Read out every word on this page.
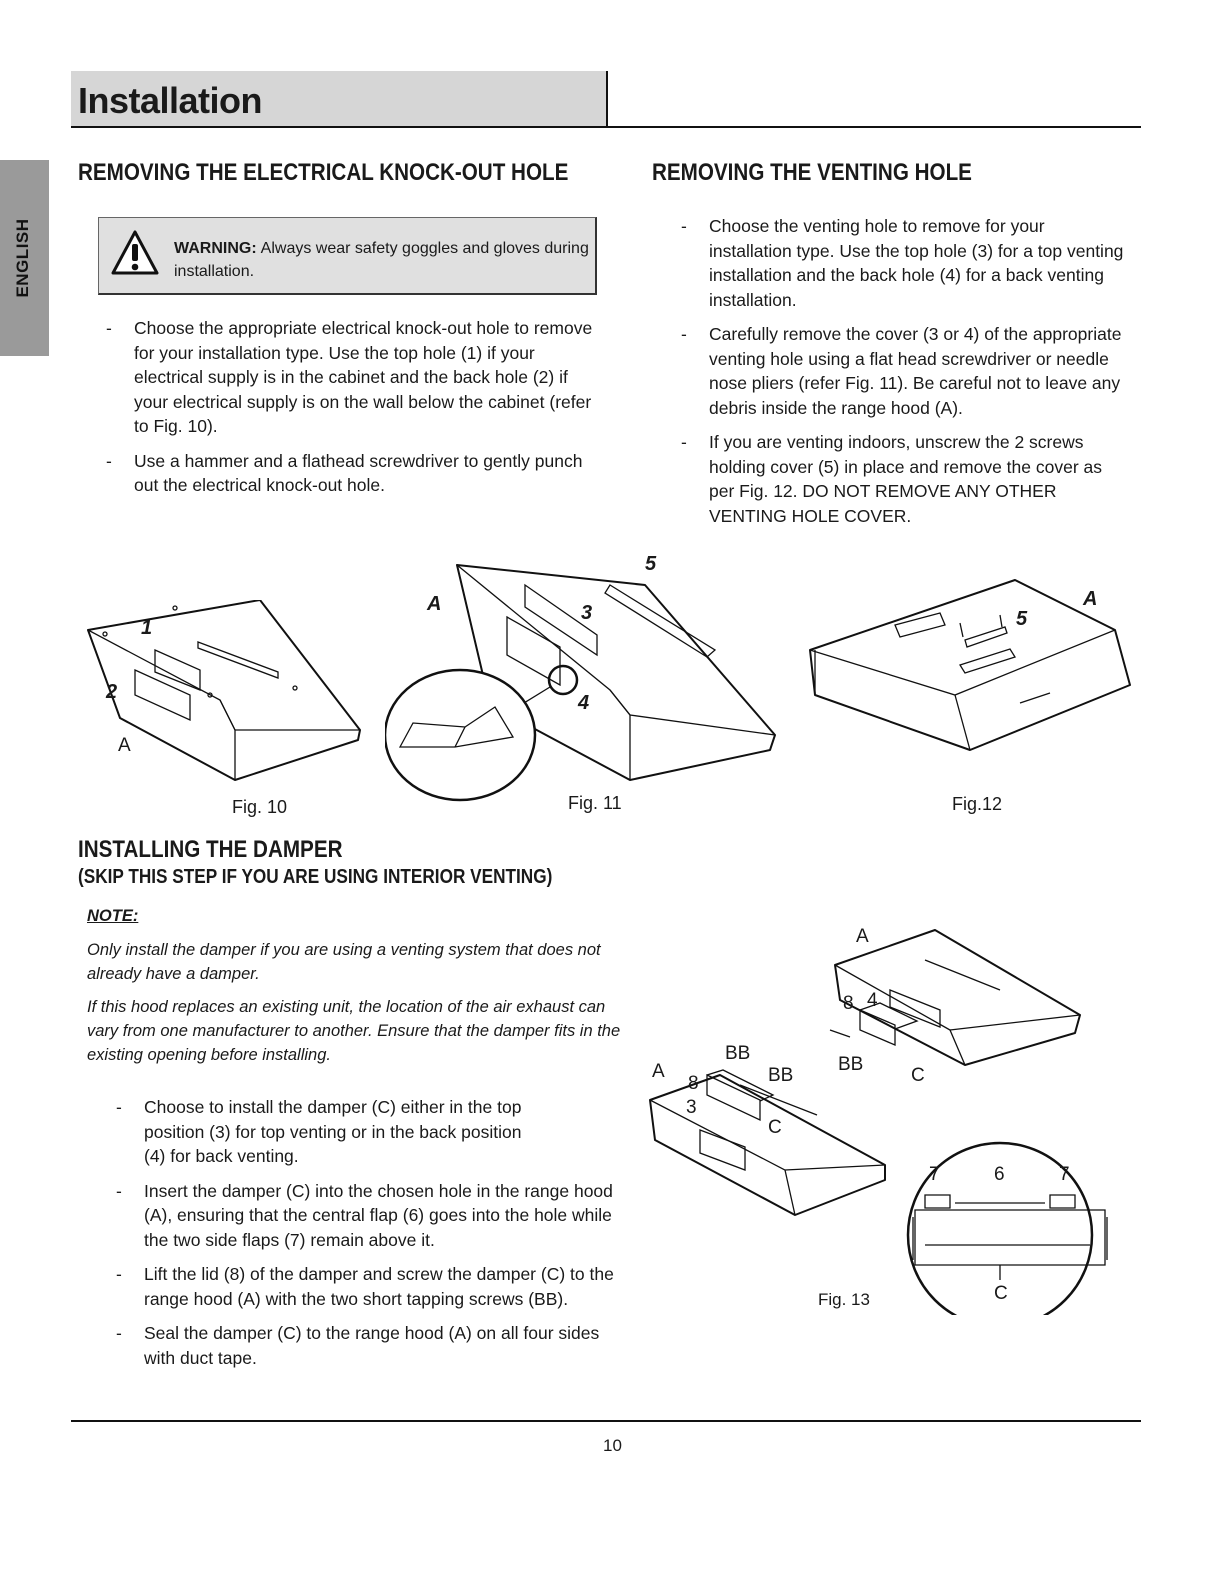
Installation
ENGLISH
REMOVING THE ELECTRICAL KNOCK-OUT HOLE
WARNING: Always wear safety goggles and gloves during installation.
- Choose the appropriate electrical knock-out hole to remove for your installation type. Use the top hole (1) if your electrical supply is in the cabinet and the back hole (2) if your electrical supply is on the wall below the cabinet (refer to Fig. 10).
- Use a hammer and a flathead screwdriver to gently punch out the electrical knock-out hole.
REMOVING THE VENTING HOLE
- Choose the venting hole to remove for your installation type. Use the top hole (3) for a top venting installation and the back hole (4) for a back venting installation.
- Carefully remove the cover (3 or 4) of the appropriate venting hole using a flat head screwdriver or needle nose pliers (refer Fig. 11). Be careful not to leave any debris inside the range hood (A).
- If you are venting indoors, unscrew the 2 screws holding cover (5) in place and remove the cover as per Fig. 12. DO NOT REMOVE ANY OTHER VENTING HOLE COVER.
1
2
A
Fig. 10
A	3
4
5
Fig. 11
A
5
Fig.12
INSTALLING THE DAMPER
(SKIP THIS STEP IF YOU ARE USING INTERIOR VENTING)
NOTE:
Only install the damper if you are using a venting system that does not already have a damper.
If this hood replaces an existing unit, the location of the air exhaust can vary from one manufacturer to another. Ensure that the damper fits in the existing opening before installing.
- Choose to install the damper (C) either in the top position (3) for top venting or in the back position (4) for back venting.
- Insert the damper (C) into the chosen hole in the range hood (A), ensuring that the central flap (6) goes into the hole while the two side flaps (7) remain above it.
- Lift the lid (8) of the damper and screw the damper (C) to the range hood (A) with the two short tapping screws (BB).
- Seal the damper (C) to the range hood (A) on all four sides with duct tape.
A
8 4
BB
C
A
BB
8	BB
3
C
7	6	7
C
Fig. 13
10
